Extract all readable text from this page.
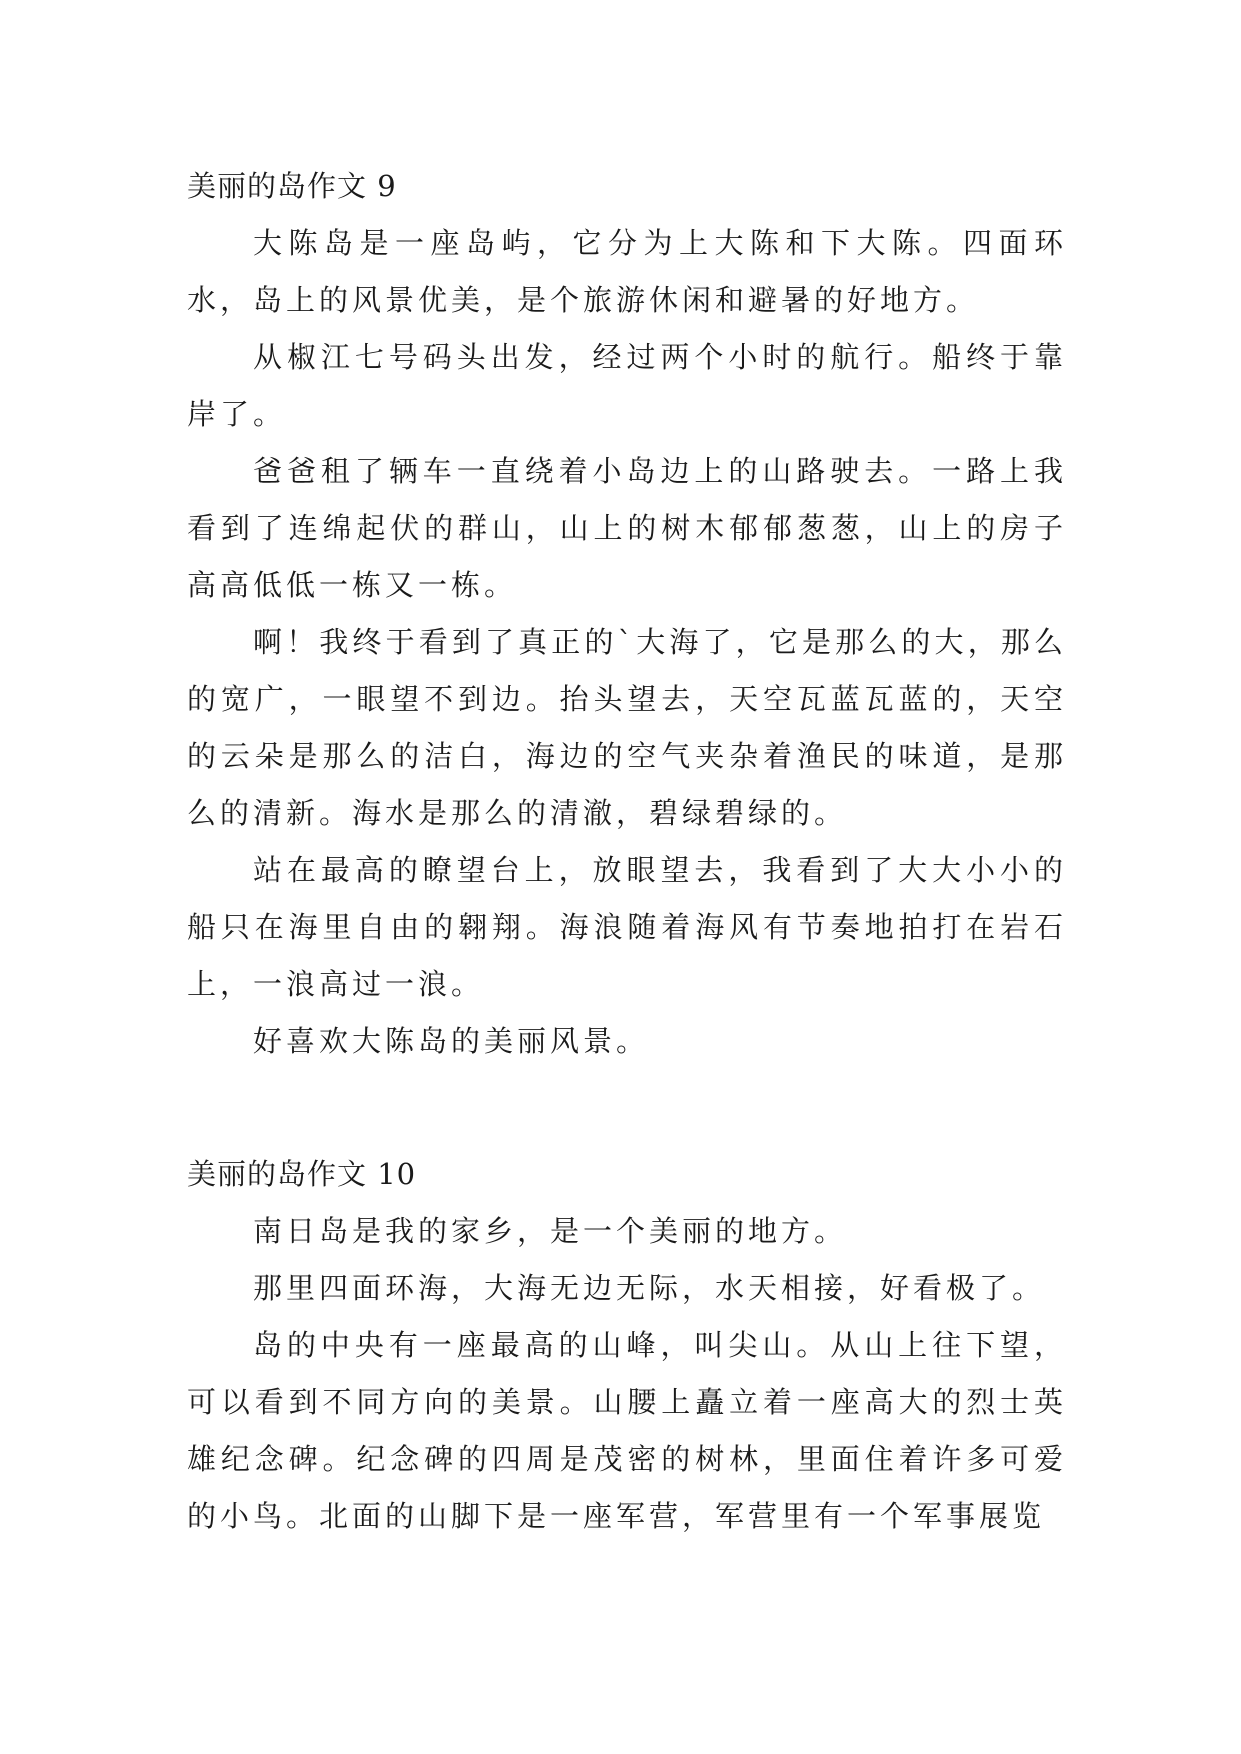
美丽的岛作文 9

大陈岛是一座岛屿，它分为上大陈和下大陈。四面环水，岛上的风景优美，是个旅游休闲和避暑的好地方。

从椒江七号码头出发，经过两个小时的航行。船终于靠岸了。

爸爸租了辆车一直绕着小岛边上的山路驶去。一路上我看到了连绵起伏的群山，山上的树木郁郁葱葱，山上的房子高高低低一栋又一栋。

啊！我终于看到了真正的`大海了，它是那么的大，那么的宽广，一眼望不到边。抬头望去，天空瓦蓝瓦蓝的，天空的云朵是那么的洁白，海边的空气夹杂着渔民的味道，是那么的清新。海水是那么的清澈，碧绿碧绿的。

站在最高的瞭望台上，放眼望去，我看到了大大小小的船只在海里自由的翱翔。海浪随着海风有节奏地拍打在岩石上，一浪高过一浪。

好喜欢大陈岛的美丽风景。

美丽的岛作文 10

南日岛是我的家乡，是一个美丽的地方。

那里四面环海，大海无边无际，水天相接，好看极了。

岛的中央有一座最高的山峰，叫尖山。从山上往下望，可以看到不同方向的美景。山腰上矗立着一座高大的烈士英雄纪念碑。纪念碑的四周是茂密的树林，里面住着许多可爱的小鸟。北面的山脚下是一座军营，军营里有一个军事展览
